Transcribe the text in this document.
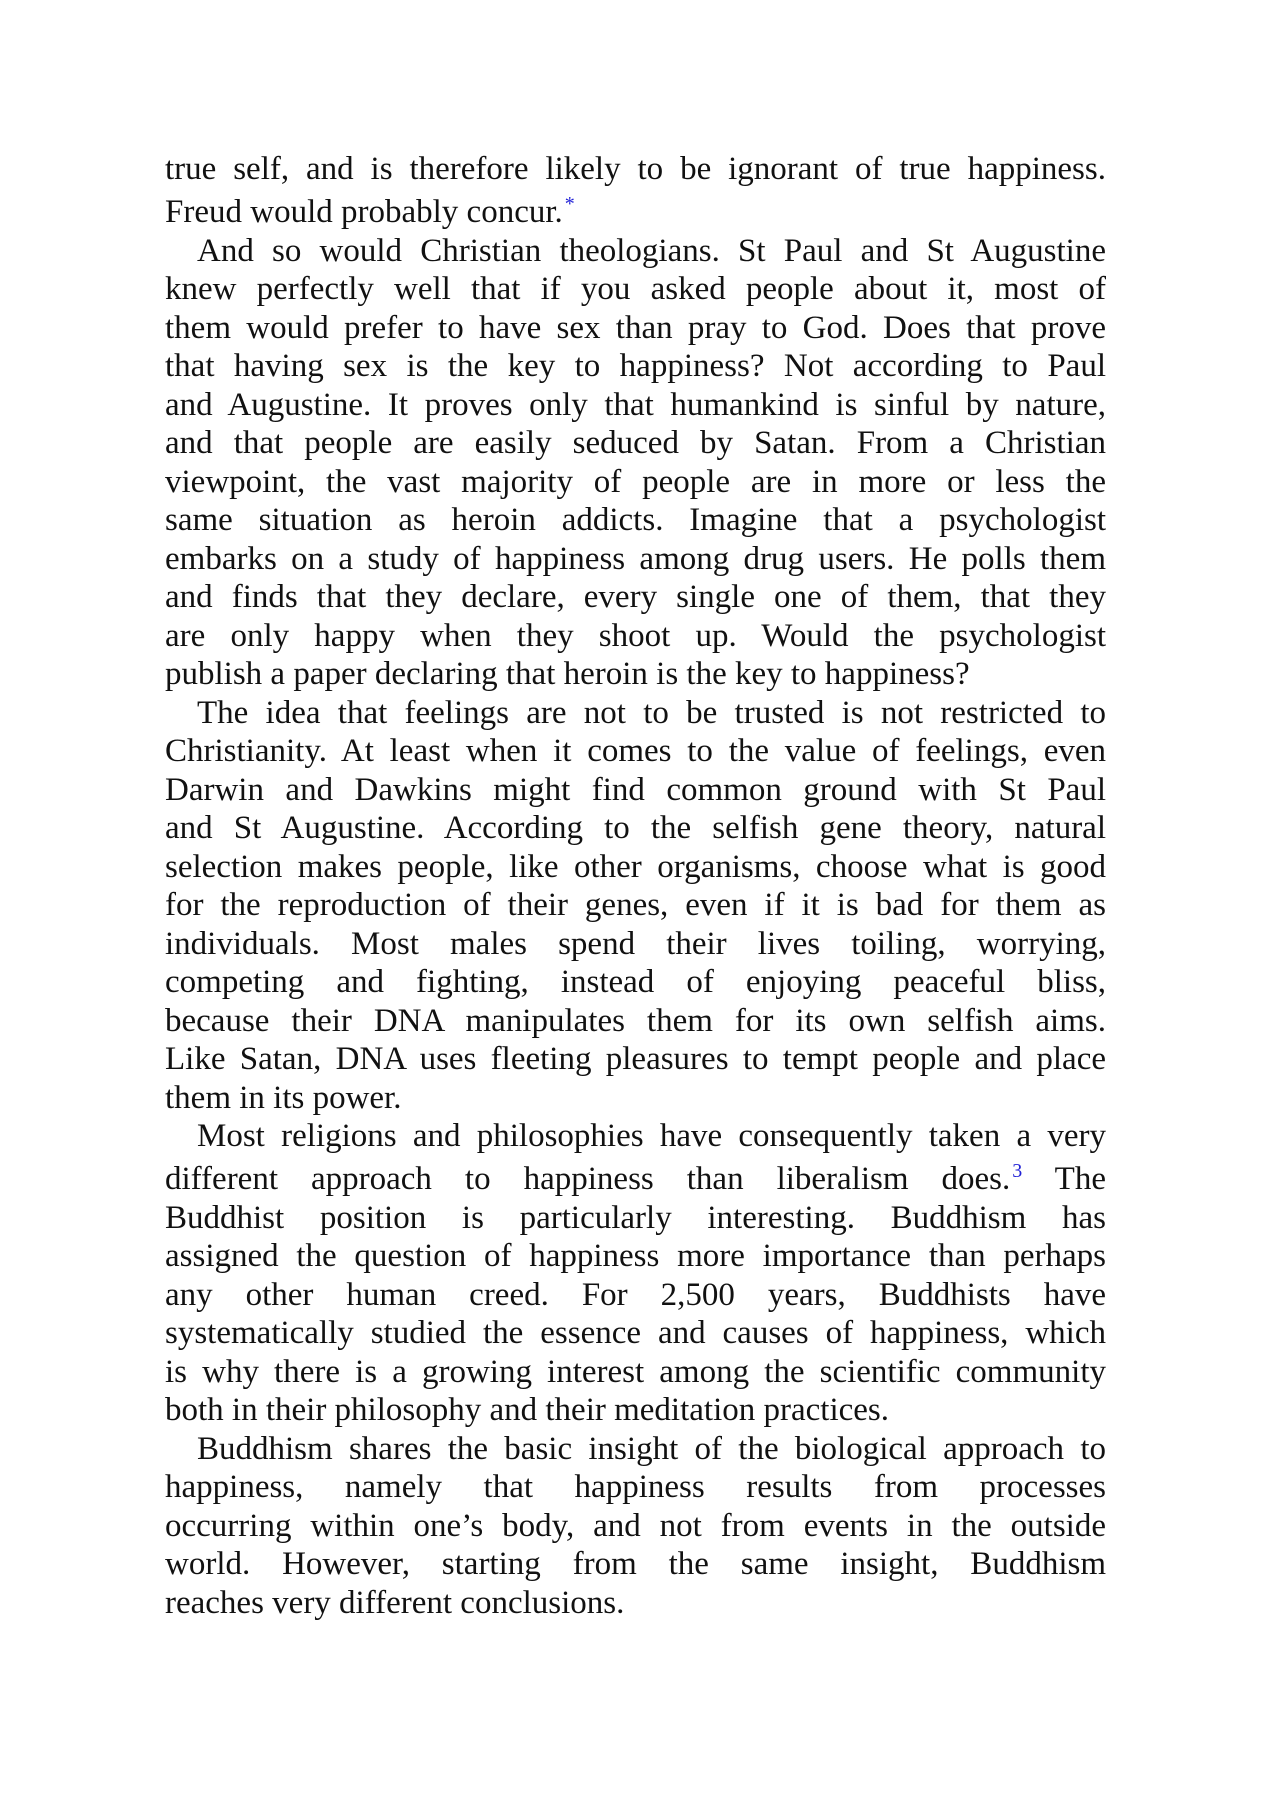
true self, and is therefore likely to be ignorant of true happiness.
Freud would probably concur. *
And so would Christian theologians. St Paul and St Augustine
knew perfectly well that if you asked people about it, most of
them would prefer to have sex than pray to God. Does that prove
that having sex is the key to happiness? Not according to Paul
and Augustine. It proves only that humankind is sinful by nature,
and that people are easily seduced by Satan. From a Christian
viewpoint, the vast majority of people are in more or less the
same situation as heroin addicts. Imagine that a psychologist
embarks on a study of happiness among drug users. He polls them
and finds that they declare, every single one of them, that they
are only happy when they shoot up. Would the psychologist
publish a paper declaring that heroin is the key to happiness?
The idea that feelings are not to be trusted is not restricted to
Christianity. At least when it comes to the value of feelings, even
Darwin and Dawkins might find common ground with St Paul
and St Augustine. According to the selfish gene theory, natural
selection makes people, like other organisms, choose what is good
for the reproduction of their genes, even if it is bad for them as
individuals. Most males spend their lives toiling, worrying,
competing and fighting, instead of enjoying peaceful bliss,
because their DNA manipulates them for its own selfish aims.
Like Satan, DNA uses fleeting pleasures to tempt people and place
them in its power.
Most religions and philosophies have consequently taken a very
different approach to happiness than liberalism does. $^3$ The
Buddhist position is particularly interesting. Buddhism has
assigned the question of happiness more importance than perhaps
any other human creed. For 2,500 years, Buddhists have
systematically studied the essence and causes of happiness, which
is why there is a growing interest among the scientific community
both in their philosophy and their meditation practices.
Buddhism shares the basic insight of the biological approach to
happiness, namely that happiness results from processes
occurring within one’s body, and not from events in the outside
world. However, starting from the same insight, Buddhism
reaches very different conclusions.
